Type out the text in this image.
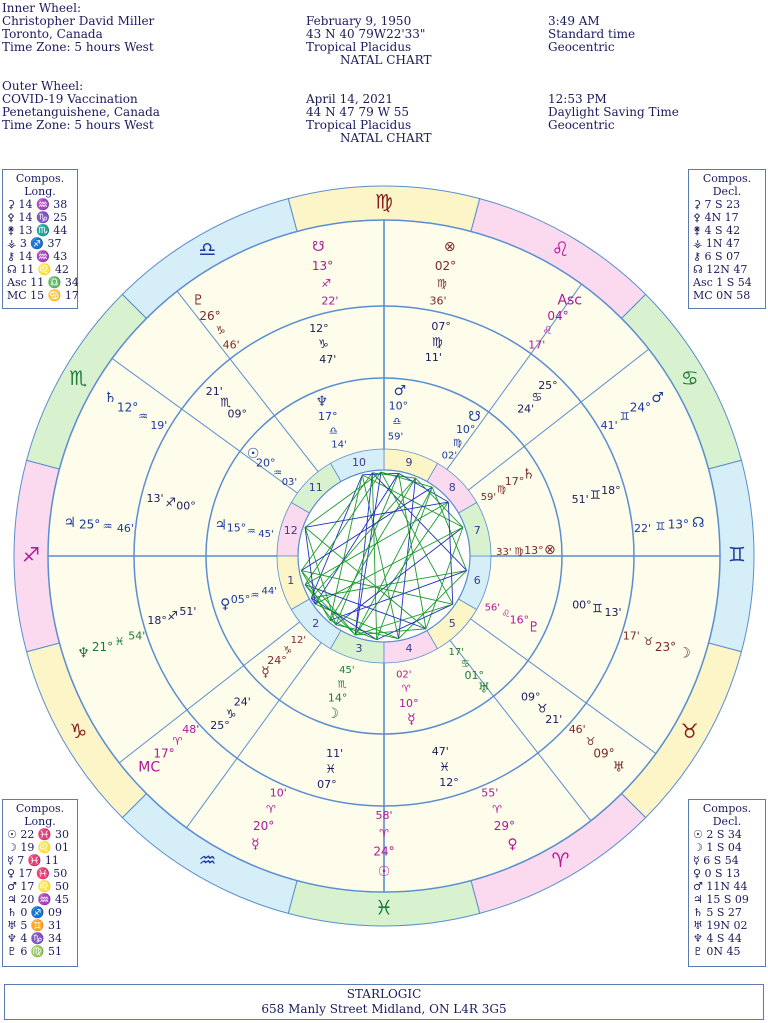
Inner Wheel:
Christopher David Miller
Toronto, Canada
Time Zone: 5 hours West
February 9, 1950
43 N 40 79W22'33"
Tropical Placidus
NATAL CHART
3:49 AM
Standard time
Geocentric
Outer Wheel:
COVID-19 Vaccination
Penetanguishene, Canada
Time Zone: 5 hours West
April 14, 2021
44 N 47 79 W 55
Tropical Placidus
NATAL CHART
12:53 PM
Daylight Saving Time
Geocentric
♍
♌
♋
♊
♉
♈
♓
♒
♑
♐
♏
♎
1
2
3	4
5
6
7
8
9
10
11
12
12°
♑
47'
07°
♍
11'
25°
♋
24'
18°
♊
51'
13'
♊
00°
21'
♉
09°
12°
♓
47'
07°
♓
11'
25°
♑
24'
18° ♐ 51'
13' ♐ 00°
21'
♏
09°
⊗
02°
♍
36'	Asc
04°
♌
17'
♂
24°
♊
41'
☊
13°
♊
22'
☽
23°
♉
17'
♅
09°
♉
46'
♀
29°
♈
55'
☉
24°
♈
58'
☿
20°
♈
10'
MC
17°
♈
48'
♆ 21° ♓ 54'
♃ 25° ♒ 46'
♄
12°
♒
19'
♇
26°
♑
46'
☋
13°
♐
22'
♆
17°
♎
14'
♂
10°
♎
59'
☋
10°
♍
02'
♄
17°
♍
59'
⊗
13°
♍
33'
♇
16°
♌
56'
♅
01°
♋
17'
☿
10°
♈
02'
☽
14°
♏
45'
☿
24°
♑
12'
♀ 05° ♒ 44'
♃ 15° ♒ 45'
☉
20°
♒
03'
Compos.
Long.
⚳ 14 ♒ 38
⚴ 14 ♑ 25
⚵ 13 ♏ 44
⚶ 3 ♐ 37
⚷ 14 ♒ 43
☊ 11 ♌ 42
Asc 11 ♎ 34
MC 15 ♋ 17
Compos.
Decl.
⚳ 7 S 23
⚴ 4N 17
⚵ 4 S 42
⚶ 1N 47
⚷ 6 S 07
☊ 12N 47
Asc 1 S 54
MC 0N 58
Compos.
Long.
☉ 22 ♓ 30
☽ 19 ♌ 01
☿ 7 ♓ 11
♀ 17 ♓ 50
♂ 17 ♌ 50
♃ 20 ♒ 45
♄ 0 ♐ 09
♅ 5 ♊ 31
♆ 4 ♑ 34
♇ 6 ♍ 51
Compos.
Decl.
☉ 2 S 34
☽ 1 S 04
☿ 6 S 54
♀ 0 S 13
♂ 11N 44
♃ 15 S 09
♄ 5 S 27
♅ 19N 02
♆ 4 S 44
♇ 0N 45
STARLOGIC
658 Manly Street Midland, ON L4R 3G5
